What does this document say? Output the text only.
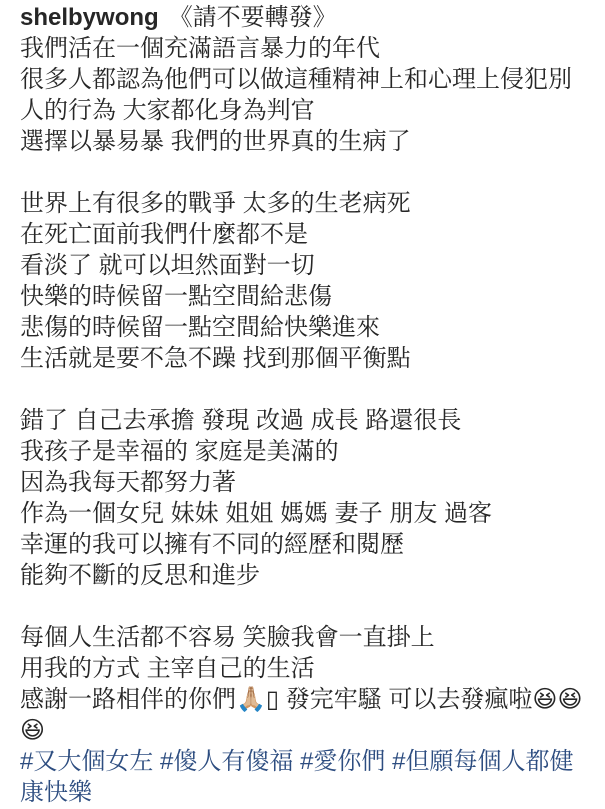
shelbywong 《請不要轉發》

我們活在一個充滿語言暴力的年代

很多人都認為他們可以做這種精神上和心理上侵犯別人的行為 大家都化身為判官

選擇以暴易暴 我們的世界真的生病了

世界上有很多的戰爭 太多的生老病死

在死亡面前我們什麼都不是

看淡了 就可以坦然面對一切

快樂的時候留一點空間給悲傷

悲傷的時候留一點空間給快樂進來

生活就是要不急不躁 找到那個平衡點

錯了 自己去承擔 發現 改過 成長 路還很長

我孩子是幸福的 家庭是美滿的

因為我每天都努力著

作為一個女兒 妹妹 姐姐 媽媽 妻子 朋友 過客

幸運的我可以擁有不同的經歷和閱歷

能夠不斷的反思和進步

每個人生活都不容易 笑臉我會一直掛上

用我的方式 主宰自己的生活

感謝一路相伴的你們🙏🏼▯ 發完牢騷 可以去發瘋啦😆😆😆

#又大個女左 #傻人有傻福 #愛你們 #但願每個人都健康快樂
